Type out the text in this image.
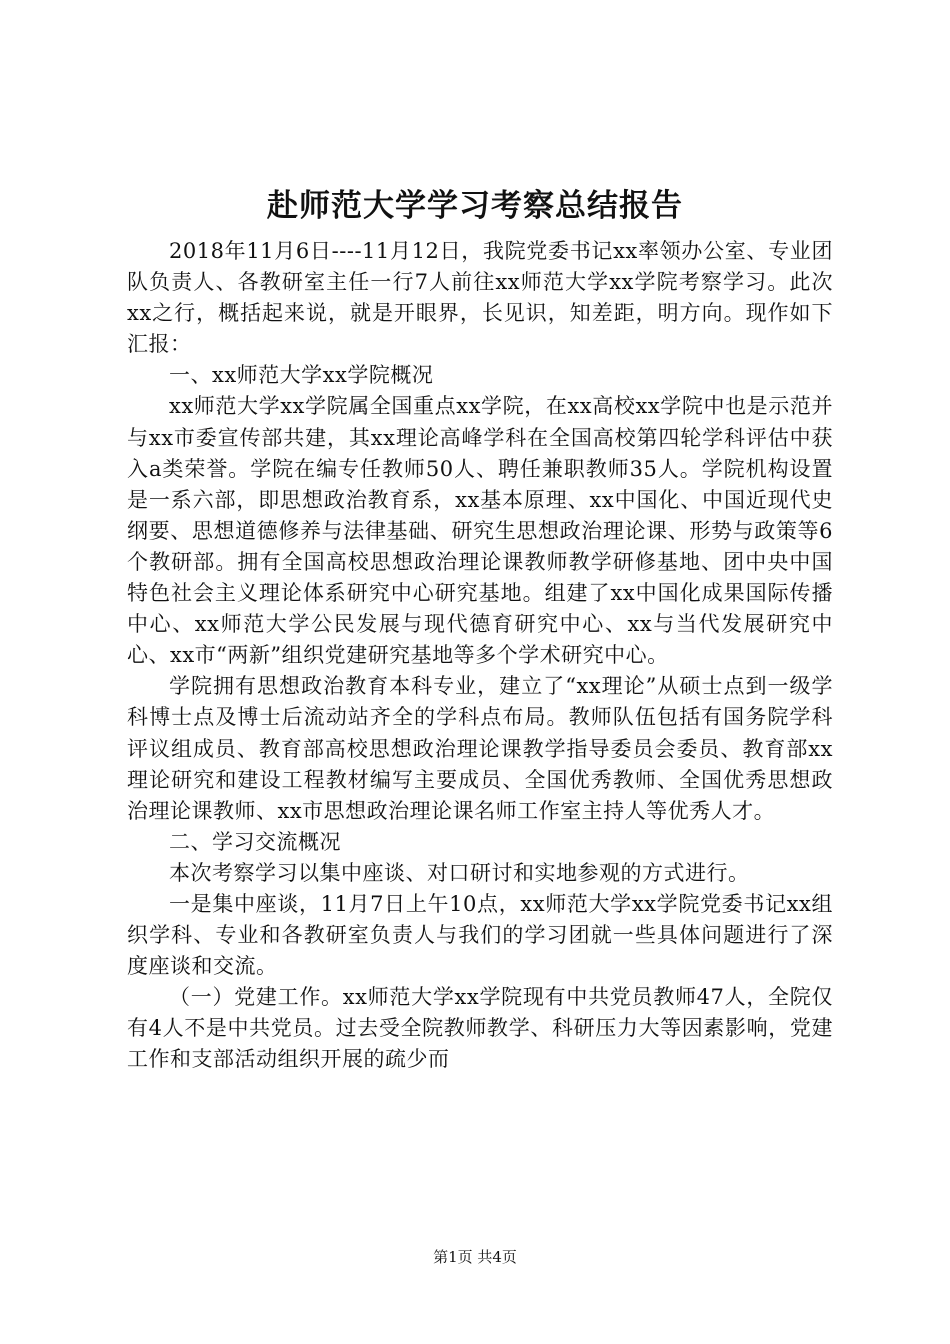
赴师范大学学习考察总结报告

2018年11月6日----11月12日，我院党委书记xx率领办公室、专业团队负责人、各教研室主任一行7人前往xx师范大学xx学院考察学习。此次xx之行，概括起来说，就是开眼界，长见识，知差距，明方向。现作如下汇报：

一、xx师范大学xx学院概况

xx师范大学xx学院属全国重点xx学院，在xx高校xx学院中也是示范并与xx市委宣传部共建，其xx理论高峰学科在全国高校第四轮学科评估中获入a类荣誉。学院在编专任教师50人、聘任兼职教师35人。学院机构设置是一系六部，即思想政治教育系，xx基本原理、xx中国化、中国近现代史纲要、思想道德修养与法律基础、研究生思想政治理论课、形势与政策等6个教研部。拥有全国高校思想政治理论课教师教学研修基地、团中央中国特色社会主义理论体系研究中心研究基地。组建了xx中国化成果国际传播中心、xx师范大学公民发展与现代德育研究中心、xx与当代发展研究中心、xx市“两新”组织党建研究基地等多个学术研究中心。

学院拥有思想政治教育本科专业，建立了“xx理论”从硕士点到一级学科博士点及博士后流动站齐全的学科点布局。教师队伍包括有国务院学科评议组成员、教育部高校思想政治理论课教学指导委员会委员、教育部xx理论研究和建设工程教材编写主要成员、全国优秀教师、全国优秀思想政治理论课教师、xx市思想政治理论课名师工作室主持人等优秀人才。

二、学习交流概况

本次考察学习以集中座谈、对口研讨和实地参观的方式进行。

一是集中座谈，11月7日上午10点，xx师范大学xx学院党委书记xx组织学科、专业和各教研室负责人与我们的学习团就一些具体问题进行了深度座谈和交流。

（一）党建工作。xx师范大学xx学院现有中共党员教师47人，全院仅有4人不是中共党员。过去受全院教师教学、科研压力大等因素影响，党建工作和支部活动组织开展的疏少而

第1页 共4页
